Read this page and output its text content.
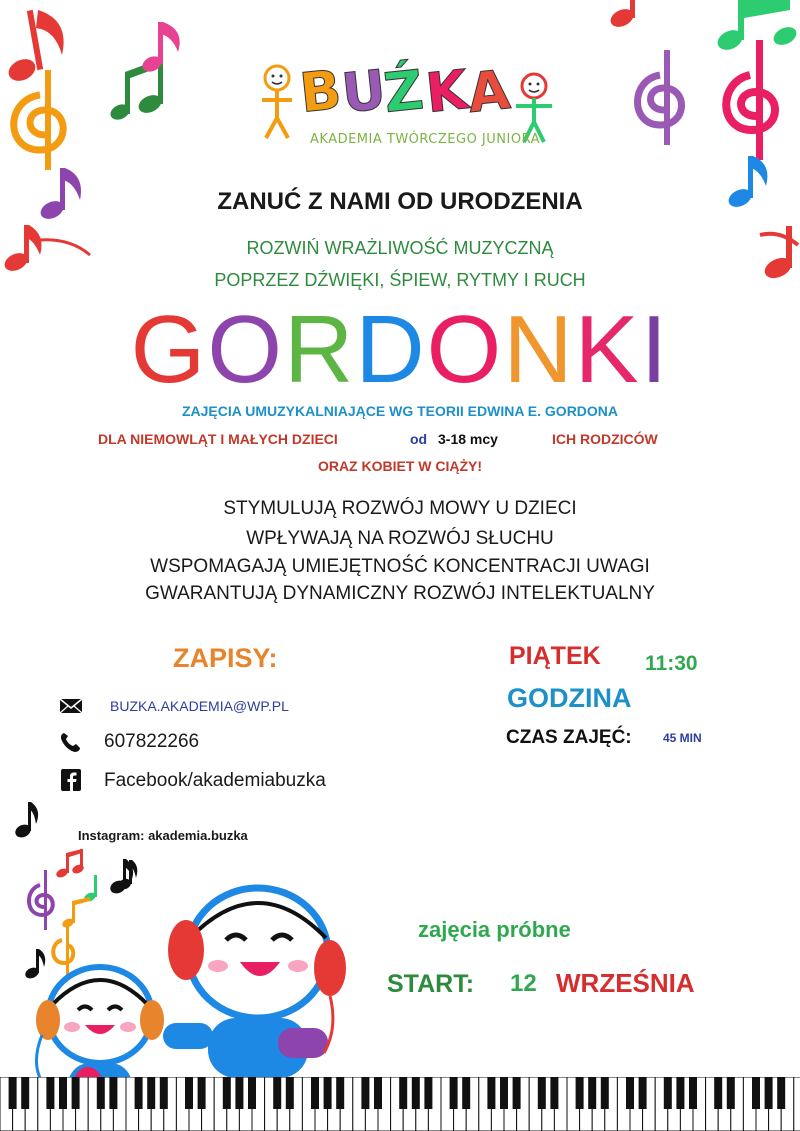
B
U
Ź
K
A
AKADEMIA TWÓRCZEGO JUNIORA
ZANUĆ Z NAMI OD URODZENIA
ROZWIŃ WRAŻLIWOŚĆ MUZYCZNĄ
POPRZEZ DŹWIĘKI, ŚPIEW, RYTMY I RUCH
GORDONKI
ZAJĘCIA UMUZYKALNIAJĄCE WG TEORII EDWINA E. GORDONA
DLA NIEMOWLĄT I MAŁYCH DZIECI	od 3-18 mcy	ICH RODZICÓW
ORAZ KOBIET W CIĄŻY!
STYMULUJĄ ROZWÓJ MOWY U DZIECI
WPŁYWAJĄ NA ROZWÓJ SŁUCHU
WSPOMAGAJĄ UMIEJĘTNOŚĆ KONCENTRACJI UWAGI
GWARANTUJĄ DYNAMICZNY ROZWÓJ INTELEKTUALNY
ZAPISY:
BUZKA.AKADEMIA@WP.PL
607822266
Facebook/akademiabuzka
Instagram: akademia.buzka
PIĄTEK 11:30
GODZINA
CZAS ZAJĘĆ:	45 MIN
zajęcia próbne
START: 12 WRZEŚNIA
